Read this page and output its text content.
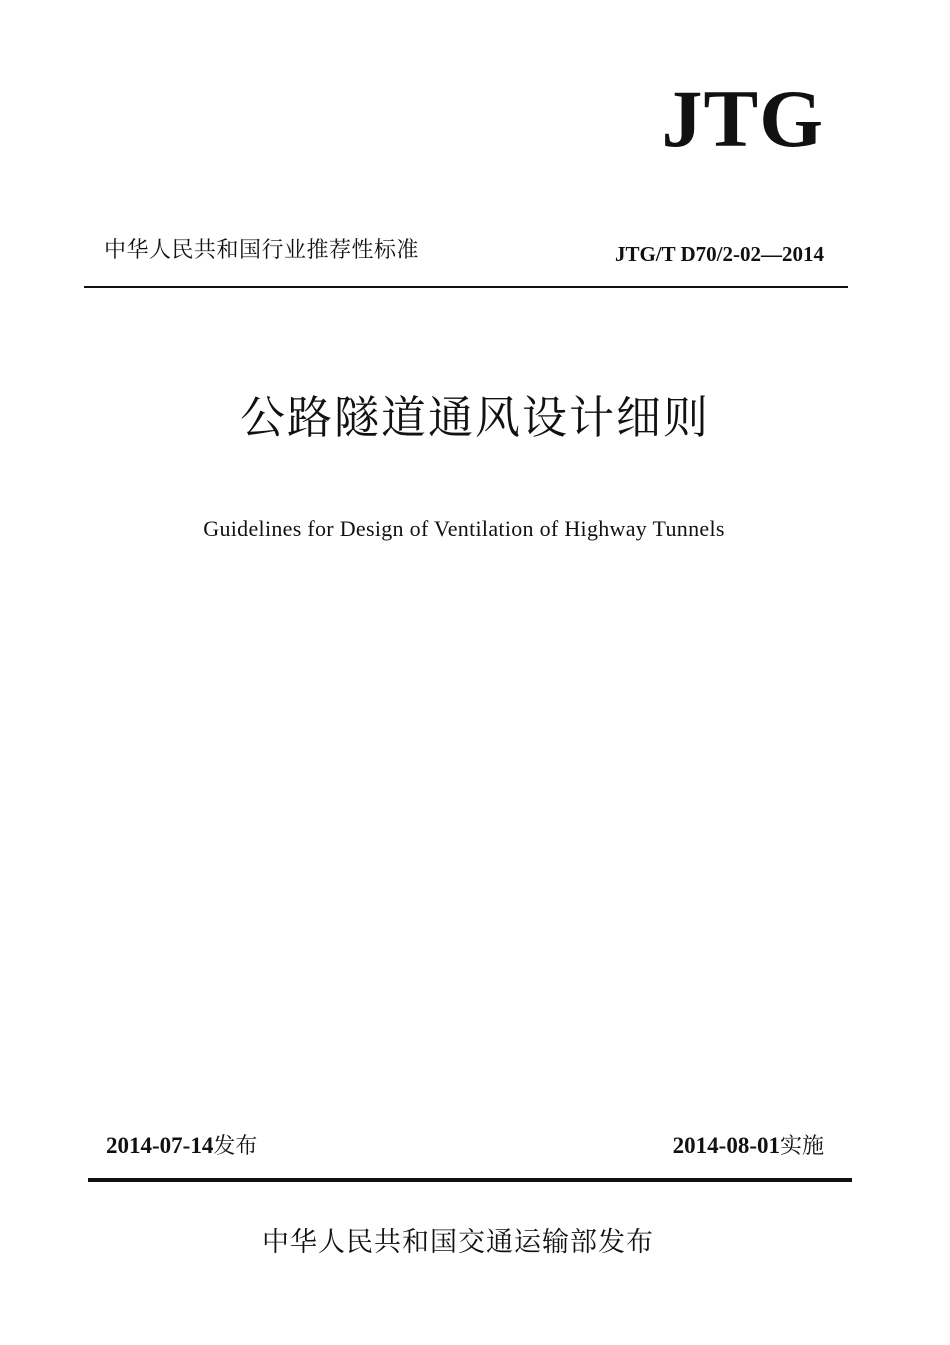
JTG
中华人民共和国行业推荐性标准	JTG/T D70/2-02—2014
公路隧道通风设计细则
Guidelines for Design of Ventilation of Highway Tunnels
2014-07-14发布	2014-08-01实施
中华人民共和国交通运输部发布
